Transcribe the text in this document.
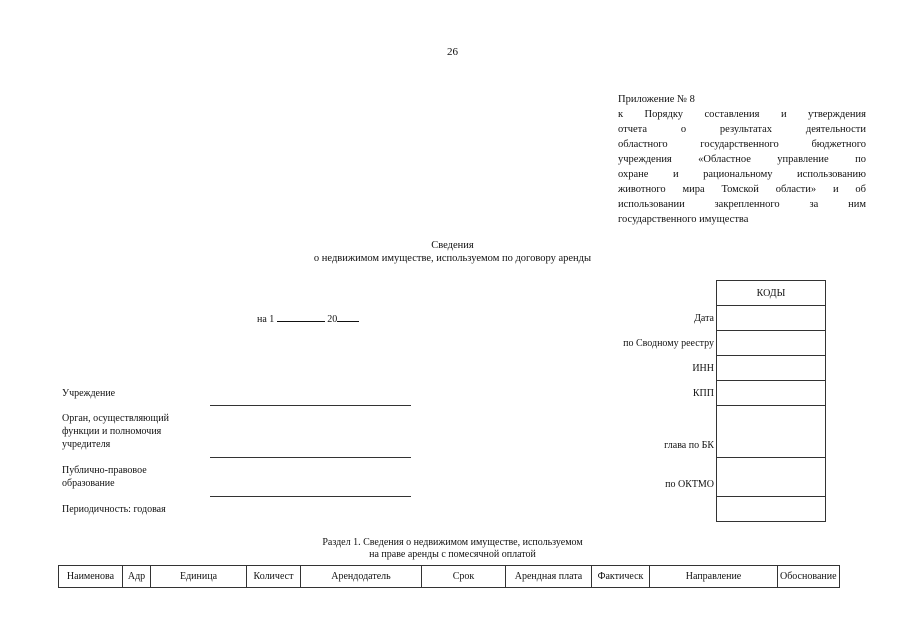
26
Приложение № 8
к Порядку составления и утверждения
отчета о результатах деятельности
областного государственного бюджетного
учреждения «Областное управление по
охране и рациональному использованию
животного мира Томской области» и об
использовании закрепленного за ним
государственного имущества
Сведения
о недвижимом имуществе, используемом по договору аренды
на 1	20	Дата
по Сводному реестру
ИНН
КПП
глава по БК
по ОКТМО
КОДЫ

Учреждение
Орган, осуществляющий
функции и полномочия
учредителя
Публично-правовое
образование
Периодичность: годовая
Раздел 1. Сведения о недвижимом имуществе, используемом
на праве аренды с помесячной оплатой
Наименова	Адр	Единица	Количест	Арендодатель	Срок	Арендная плата	Фактическ	Направление	Обоснование
